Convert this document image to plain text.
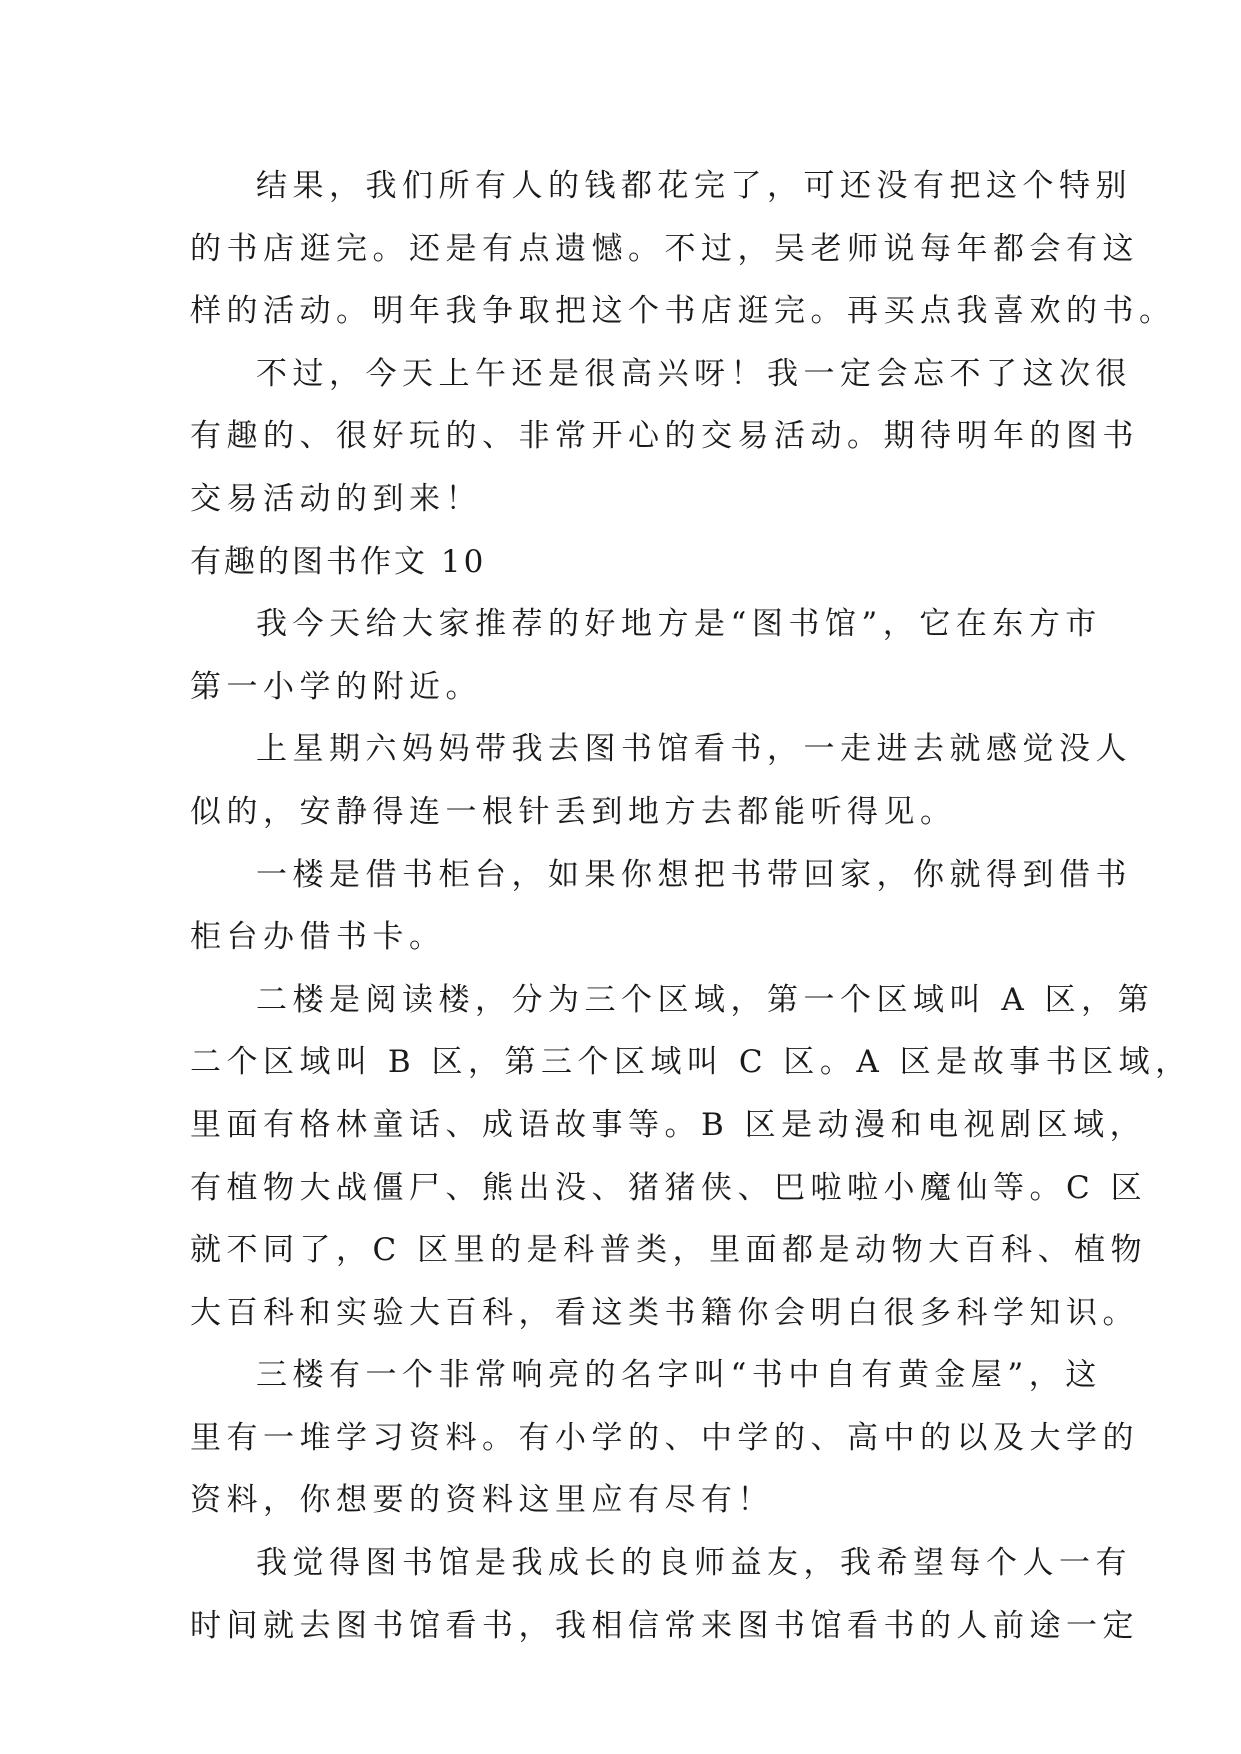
结果，我们所有人的钱都花完了，可还没有把这个特别
的书店逛完。还是有点遗憾。不过，吴老师说每年都会有这
样的活动。明年我争取把这个书店逛完。再买点我喜欢的书。

不过，今天上午还是很高兴呀！我一定会忘不了这次很
有趣的、很好玩的、非常开心的交易活动。期待明年的图书
交易活动的到来！

有趣的图书作文 10

我今天给大家推荐的好地方是“图书馆”，它在东方市
第一小学的附近。

上星期六妈妈带我去图书馆看书，一走进去就感觉没人
似的，安静得连一根针丢到地方去都能听得见。

一楼是借书柜台，如果你想把书带回家，你就得到借书
柜台办借书卡。

二楼是阅读楼，分为三个区域，第一个区域叫 A 区，第
二个区域叫 B 区，第三个区域叫 C 区。A 区是故事书区域，
里面有格林童话、成语故事等。B 区是动漫和电视剧区域，
有植物大战僵尸、熊出没、猪猪侠、巴啦啦小魔仙等。C 区
就不同了，C 区里的是科普类，里面都是动物大百科、植物
大百科和实验大百科，看这类书籍你会明白很多科学知识。

三楼有一个非常响亮的名字叫“书中自有黄金屋”，这
里有一堆学习资料。有小学的、中学的、高中的以及大学的
资料，你想要的资料这里应有尽有！

我觉得图书馆是我成长的良师益友，我希望每个人一有
时间就去图书馆看书，我相信常来图书馆看书的人前途一定
